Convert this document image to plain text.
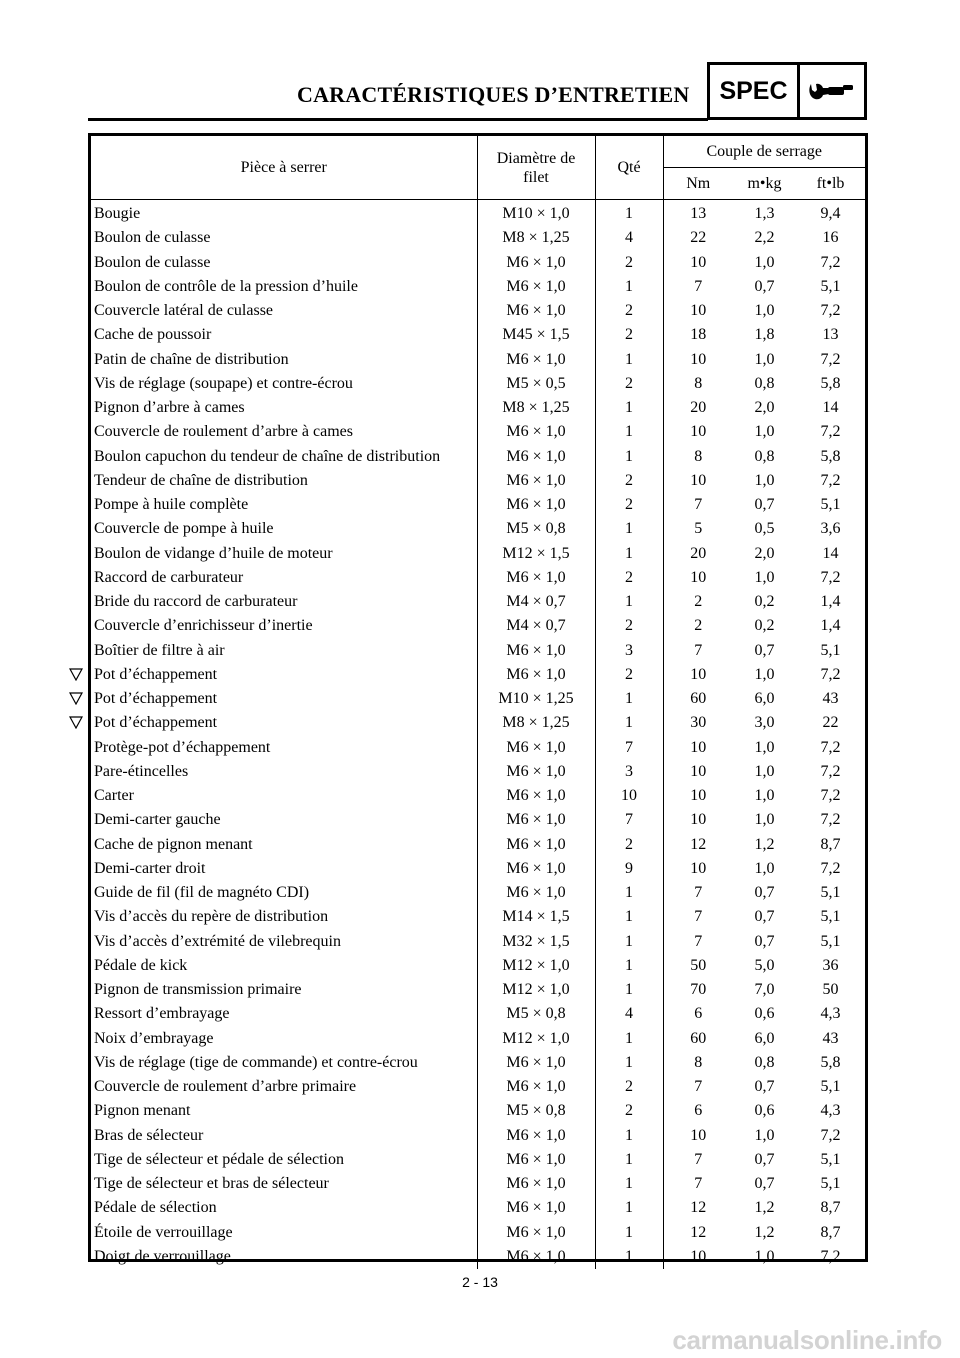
CARACTÉRISTIQUES D’ENTRETIEN	SPEC
Pièce à serrer	Diamètre de filet	Qté	Couple de serrage		
			Nm	m•kg	ft•lb
Bougie	M10 × 1,0	1	13	1,3	9,4
Boulon de culasse	M8 × 1,25	4	22	2,2	16
Boulon de culasse	M6 × 1,0	2	10	1,0	7,2
Boulon de contrôle de la pression d’huile	M6 × 1,0	1	7	0,7	5,1
Couvercle latéral de culasse	M6 × 1,0	2	10	1,0	7,2
Cache de poussoir	M45 × 1,5	2	18	1,8	13
Patin de chaîne de distribution	M6 × 1,0	1	10	1,0	7,2
Vis de réglage (soupape) et contre-écrou	M5 × 0,5	2	8	0,8	5,8
Pignon d’arbre à cames	M8 × 1,25	1	20	2,0	14
Couvercle de roulement d’arbre à cames	M6 × 1,0	1	10	1,0	7,2
Boulon capuchon du tendeur de chaîne de distribution	M6 × 1,0	1	8	0,8	5,8
Tendeur de chaîne de distribution	M6 × 1,0	2	10	1,0	7,2
Pompe à huile complète	M6 × 1,0	2	7	0,7	5,1
Couvercle de pompe à huile	M5 × 0,8	1	5	0,5	3,6
Boulon de vidange d’huile de moteur	M12 × 1,5	1	20	2,0	14
Raccord de carburateur	M6 × 1,0	2	10	1,0	7,2
Bride du raccord de carburateur	M4 × 0,7	1	2	0,2	1,4
Couvercle d’enrichisseur d’inertie	M4 × 0,7	2	2	0,2	1,4
Boîtier de filtre à air	M6 × 1,0	3	7	0,7	5,1
Pot d’échappement	M6 × 1,0	2	10	1,0	7,2
Pot d’échappement	M10 × 1,25	1	60	6,0	43
Pot d’échappement	M8 × 1,25	1	30	3,0	22
Protège-pot d’échappement	M6 × 1,0	7	10	1,0	7,2
Pare-étincelles	M6 × 1,0	3	10	1,0	7,2
Carter	M6 × 1,0	10	10	1,0	7,2
Demi-carter gauche	M6 × 1,0	7	10	1,0	7,2
Cache de pignon menant	M6 × 1,0	2	12	1,2	8,7
Demi-carter droit	M6 × 1,0	9	10	1,0	7,2
Guide de fil (fil de magnéto CDI)	M6 × 1,0	1	7	0,7	5,1
Vis d’accès du repère de distribution	M14 × 1,5	1	7	0,7	5,1
Vis d’accès d’extrémité de vilebrequin	M32 × 1,5	1	7	0,7	5,1
Pédale de kick	M12 × 1,0	1	50	5,0	36
Pignon de transmission primaire	M12 × 1,0	1	70	7,0	50
Ressort d’embrayage	M5 × 0,8	4	6	0,6	4,3
Noix d’embrayage	M12 × 1,0	1	60	6,0	43
Vis de réglage (tige de commande) et contre-écrou	M6 × 1,0	1	8	0,8	5,8
Couvercle de roulement d’arbre primaire	M6 × 1,0	2	7	0,7	5,1
Pignon menant	M5 × 0,8	2	6	0,6	4,3
Bras de sélecteur	M6 × 1,0	1	10	1,0	7,2
Tige de sélecteur et pédale de sélection	M6 × 1,0	1	7	0,7	5,1
Tige de sélecteur et bras de sélecteur	M6 × 1,0	1	7	0,7	5,1
Pédale de sélection	M6 × 1,0	1	12	1,2	8,7
Étoile de verrouillage	M6 × 1,0	1	12	1,2	8,7
Doigt de verrouillage	M6 × 1,0	1	10	1,0	7,2
2 - 13
carmanualsonline.info
